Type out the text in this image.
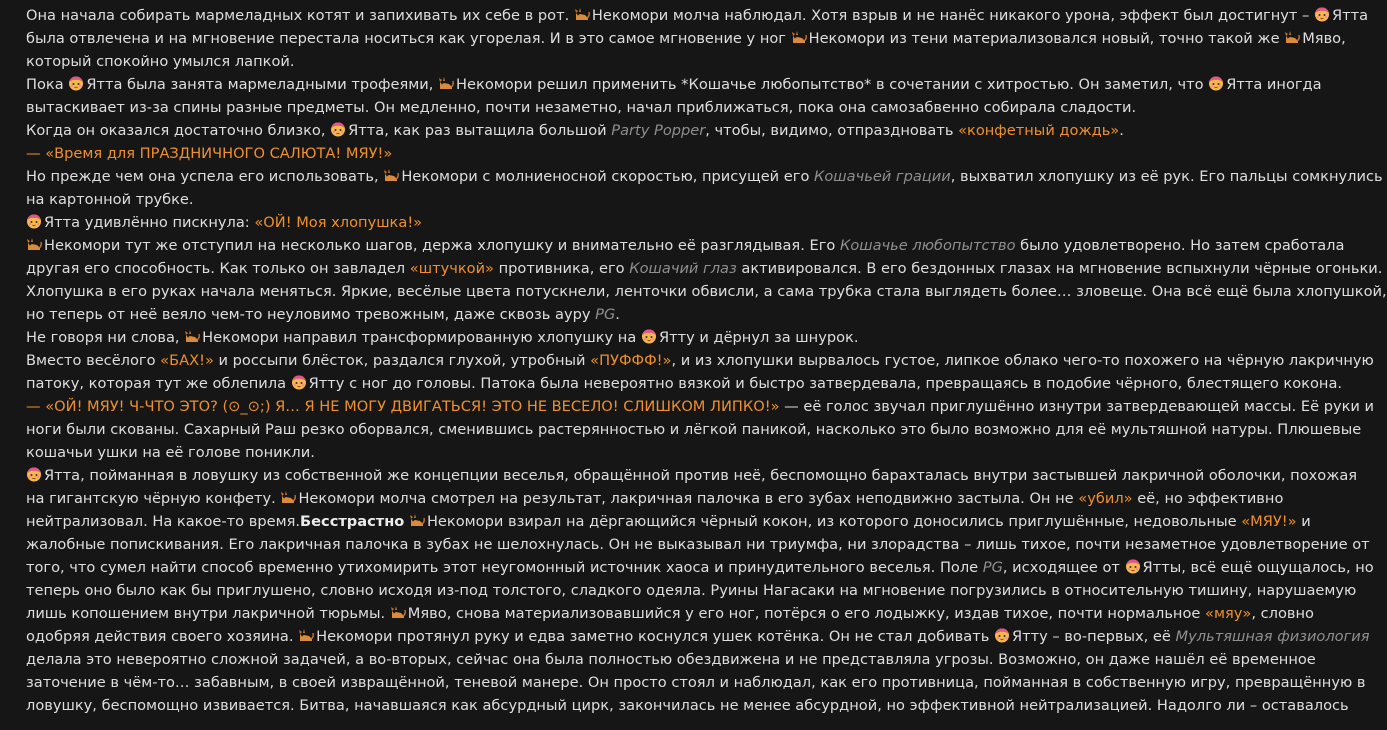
Она начала собирать мармеладных котят и запихивать их себе в рот. Некомори молча наблюдал. Хотя взрыв и не нанёс никакого урона, эффект был достигнут – Ятта
была отвлечена и на мгновение перестала носиться как угорелая. И в это самое мгновение у ног Некомори из тени материализовался новый, точно такой же Мяво,
который спокойно умылся лапкой.
Пока Ятта была занята мармеладными трофеями, Некомори решил применить *Кошачье любопытство* в сочетании с хитростью. Он заметил, что Ятта иногда
вытаскивает из-за спины разные предметы. Он медленно, почти незаметно, начал приближаться, пока она самозабвенно собирала сладости.
Когда он оказался достаточно близко, Ятта, как раз вытащила большой Party Popper, чтобы, видимо, отпраздновать «конфетный дождь».
— «Время для ПРАЗДНИЧНОГО САЛЮТА! МЯУ!»
Но прежде чем она успела его использовать, Некомори с молниеносной скоростью, присущей его Кошачьей грации, выхватил хлопушку из её рук. Его пальцы сомкнулись
на картонной трубке.
Ятта удивлённо пискнула: «ОЙ! Моя хлопушка!»
Некомори тут же отступил на несколько шагов, держа хлопушку и внимательно её разглядывая. Его Кошачье любопытство было удовлетворено. Но затем сработала
другая его способность. Как только он завладел «штучкой» противника, его Кошачий глаз активировался. В его бездонных глазах на мгновение вспыхнули чёрные огоньки.
Хлопушка в его руках начала меняться. Яркие, весёлые цвета потускнели, ленточки обвисли, а сама трубка стала выглядеть более… зловеще. Она всё ещё была хлопушкой,
но теперь от неё веяло чем-то неуловимо тревожным, даже сквозь ауру PG.
Не говоря ни слова, Некомори направил трансформированную хлопушку на Ятту и дёрнул за шнурок.
Вместо весёлого «БАХ!» и россыпи блёсток, раздался глухой, утробный «ПУФФФ!», и из хлопушки вырвалось густое, липкое облако чего-то похожего на чёрную лакричную
патоку, которая тут же облепила Ятту с ног до головы. Патока была невероятно вязкой и быстро затвердевала, превращаясь в подобие чёрного, блестящего кокона.
— «ОЙ! МЯУ! Ч-ЧТО ЭТО? (⊙_⊙;) Я… Я НЕ МОГУ ДВИГАТЬСЯ! ЭТО НЕ ВЕСЕЛО! СЛИШКОМ ЛИПКО!» — её голос звучал приглушённо изнутри затвердевающей массы. Её руки и
ноги были скованы. Сахарный Раш резко оборвался, сменившись растерянностью и лёгкой паникой, насколько это было возможно для её мультяшной натуры. Плюшевые
кошачьи ушки на её голове поникли.
Ятта, пойманная в ловушку из собственной же концепции веселья, обращённой против неё, беспомощно барахталась внутри застывшей лакричной оболочки, похожая
на гигантскую чёрную конфету. Некомори молча смотрел на результат, лакричная палочка в его зубах неподвижно застыла. Он не «убил» её, но эффективно
нейтрализовал. На какое-то время.Бесстрастно Некомори взирал на дёргающийся чёрный кокон, из которого доносились приглушённые, недовольные «МЯУ!» и
жалобные попискивания. Его лакричная палочка в зубах не шелохнулась. Он не выказывал ни триумфа, ни злорадства – лишь тихое, почти незаметное удовлетворение от
того, что сумел найти способ временно утихомирить этот неугомонный источник хаоса и принудительного веселья. Поле PG, исходящее от Ятты, всё ещё ощущалось, но
теперь оно было как бы приглушено, словно исходя из-под толстого, сладкого одеяла. Руины Нагасаки на мгновение погрузились в относительную тишину, нарушаемую
лишь копошением внутри лакричной тюрьмы. Мяво, снова материализовавшийся у его ног, потёрся о его лодыжку, издав тихое, почти нормальное «мяу», словно
одобряя действия своего хозяина. Некомори протянул руку и едва заметно коснулся ушек котёнка. Он не стал добивать Ятту – во-первых, её Мультяшная физиология
делала это невероятно сложной задачей, а во-вторых, сейчас она была полностью обездвижена и не представляла угрозы. Возможно, он даже нашёл её временное
заточение в чём-то… забавным, в своей извращённой, теневой манере. Он просто стоял и наблюдал, как его противница, пойманная в собственную игру, превращённую в
ловушку, беспомощно извивается. Битва, начавшаяся как абсурдный цирк, закончилась не менее абсурдной, но эффективной нейтрализацией. Надолго ли – оставалось
